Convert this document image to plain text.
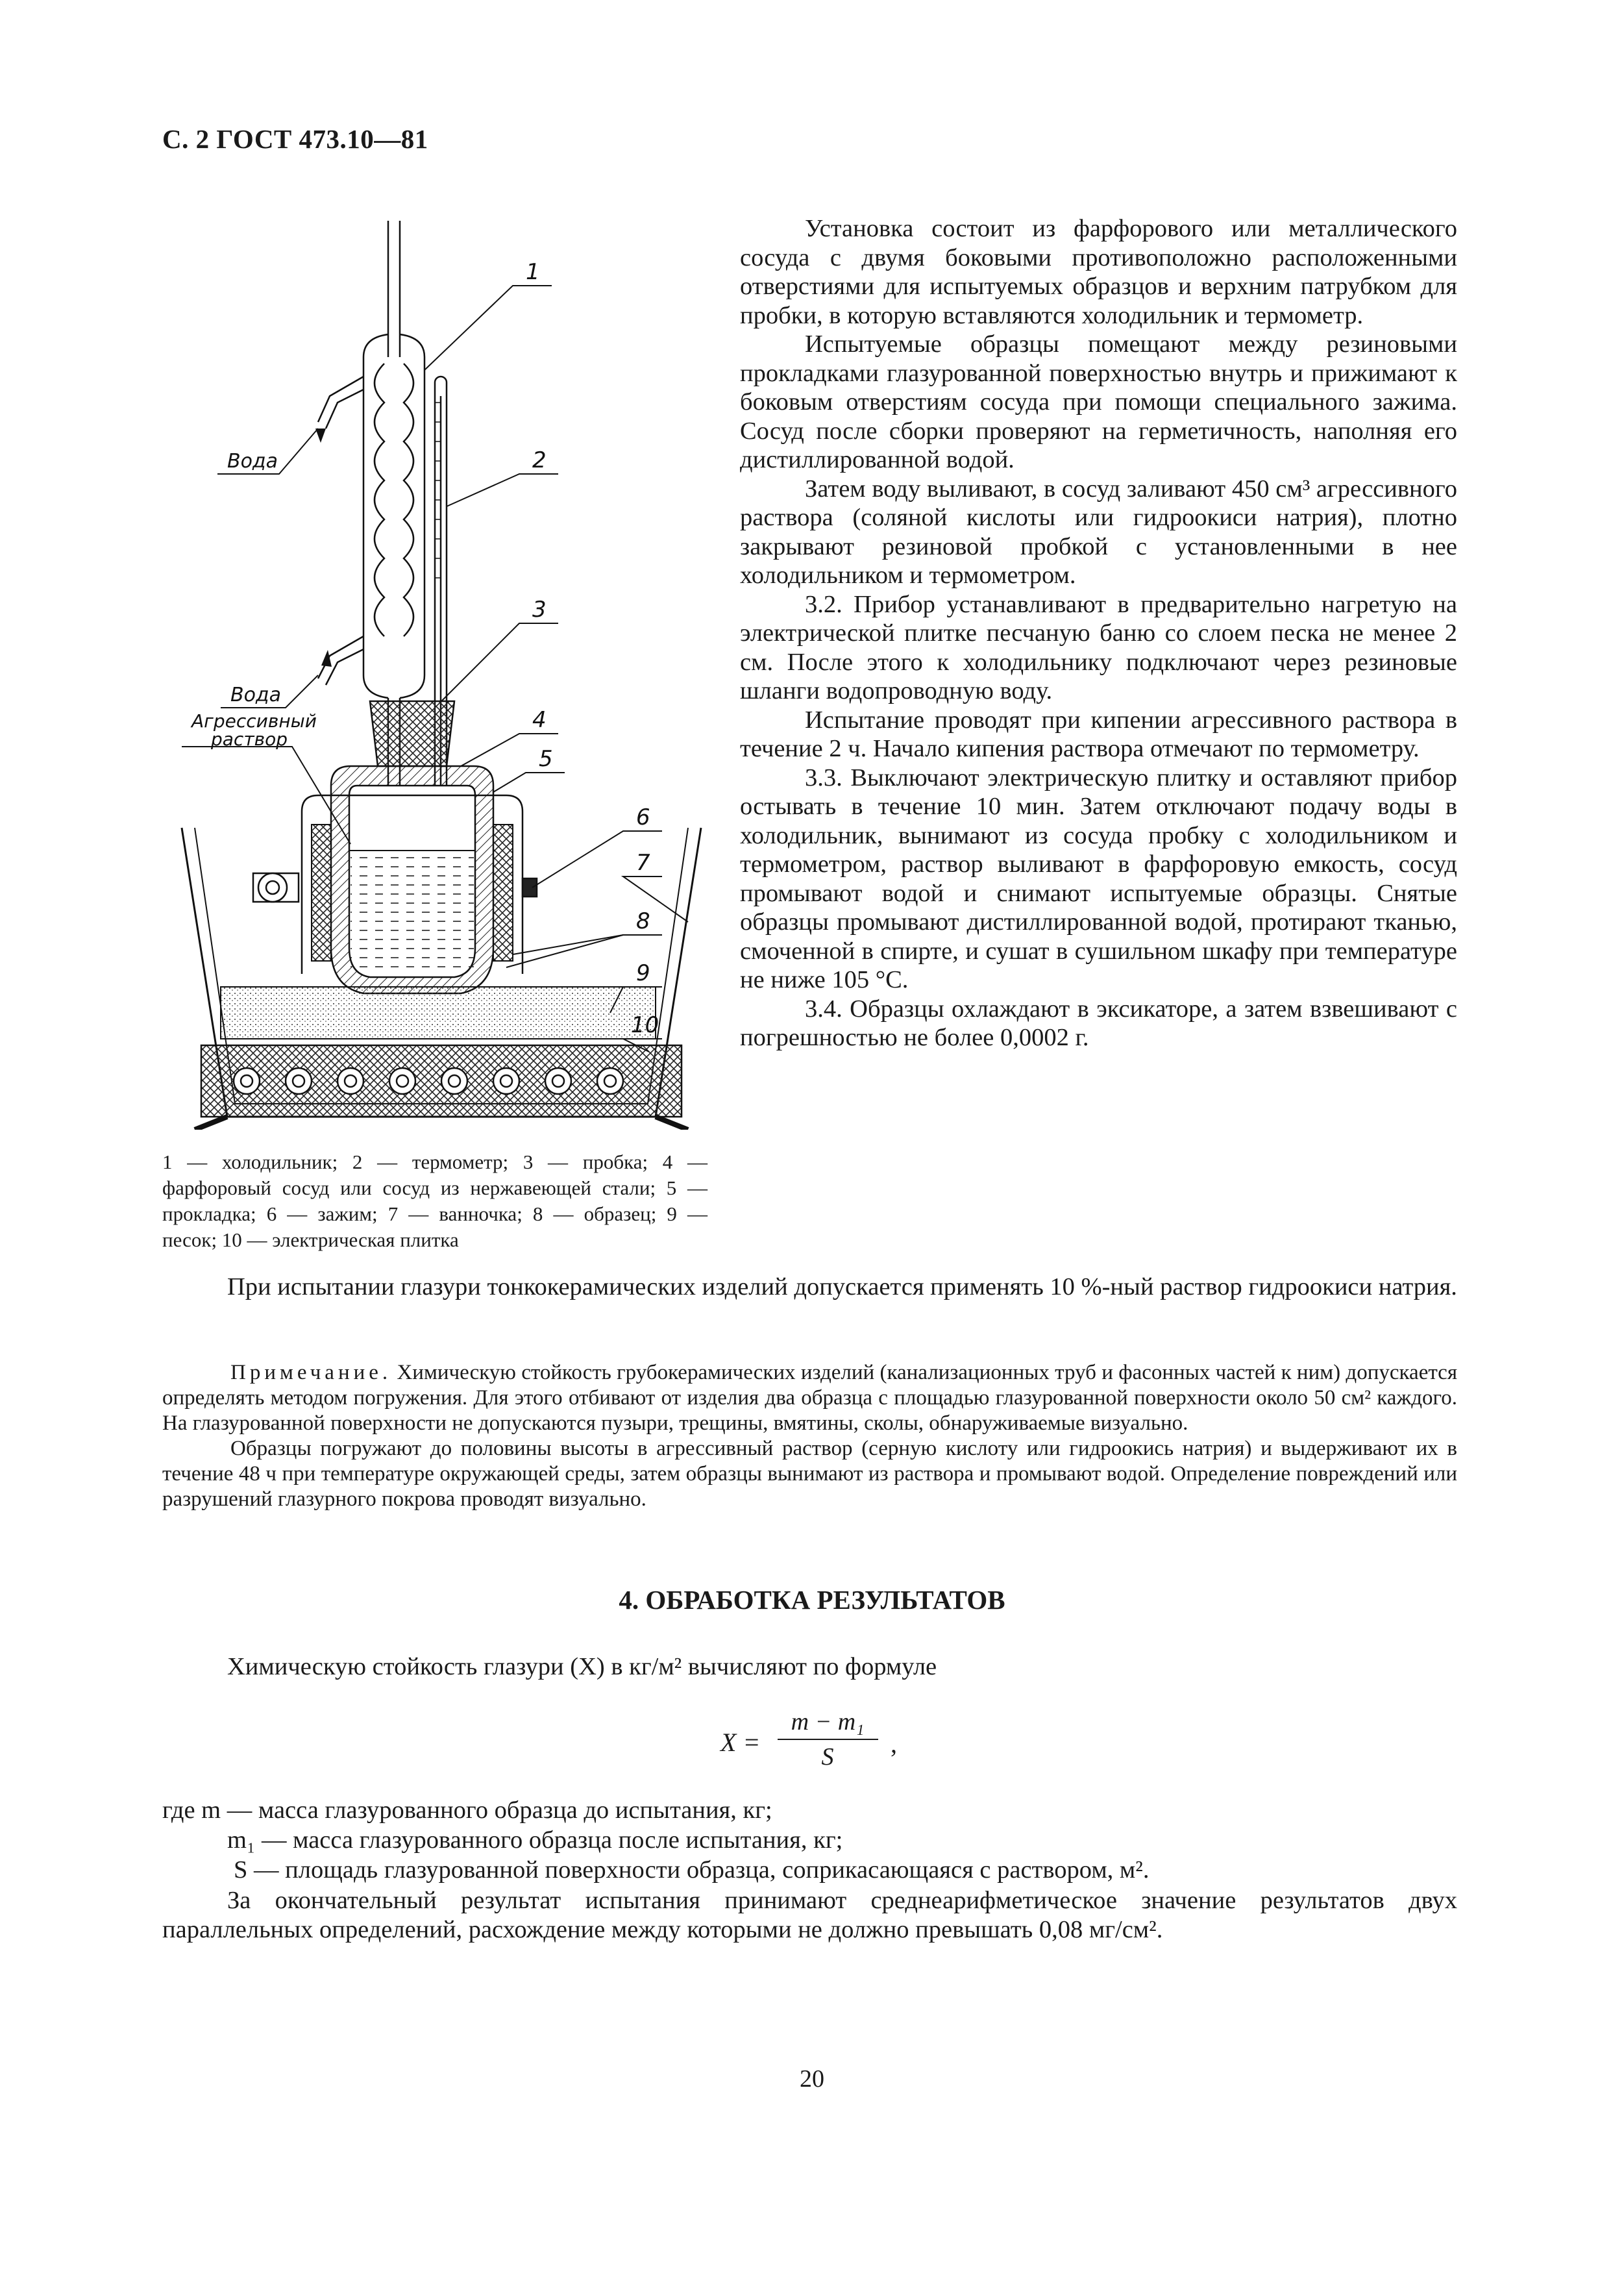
С. 2 ГОСТ 473.10—81
1
2
3
4
5
6
7
8
9
10
Вода
Вода
Агрессивный
раствор
1 — холодильник; 2 — термометр; 3 — пробка; 4 — фарфоровый сосуд или сосуд из нержавеющей стали; 5 — прокладка; 6 — зажим; 7 — ванночка; 8 — образец; 9 — песок; 10 — электрическая плитка

Установка состоит из фарфорового или металлического сосуда с двумя боковыми противоположно расположенными отверстиями для испытуемых образцов и верхним патрубком для пробки, в которую вставляются холодильник и термометр.

Испытуемые образцы помещают между резиновыми прокладками глазурованной поверхностью внутрь и прижимают к боковым отверстиям сосуда при помощи специального зажима. Сосуд после сборки проверяют на герметичность, наполняя его дистиллированной водой.

Затем воду выливают, в сосуд заливают 450 см³ агрессивного раствора (соляной кислоты или гидроокиси натрия), плотно закрывают резиновой пробкой с установленными в нее холодильником и термометром.

3.2. Прибор устанавливают в предварительно нагретую на электрической плитке песчаную баню со слоем песка не менее 2 см. После этого к холодильнику подключают через резиновые шланги водопроводную воду.

Испытание проводят при кипении агрессивного раствора в течение 2 ч. Начало кипения раствора отмечают по термометру.

3.3. Выключают электрическую плитку и оставляют прибор остывать в течение 10 мин. Затем отключают подачу воды в холодильник, вынимают из сосуда пробку с холодильником и термометром, раствор выливают в фарфоровую емкость, сосуд промывают водой и снимают испытуемые образцы. Снятые образцы промывают дистиллированной водой, протирают тканью, смоченной в спирте, и сушат в сушильном шкафу при температуре не ниже 105 °С.

3.4. Образцы охлаждают в эксикаторе, а затем взвешивают с погрешностью не более 0,0002 г.

При испытании глазури тонкокерамических изделий допускается применять 10 %-ный раствор гидроокиси натрия.

Примечание. Химическую стойкость грубокерамических изделий (канализационных труб и фасонных частей к ним) допускается определять методом погружения. Для этого отбивают от изделия два образца с площадью глазурованной поверхности около 50 см² каждого. На глазурованной поверхности не допускаются пузыри, трещины, вмятины, сколы, обнаруживаемые визуально.

Образцы погружают до половины высоты в агрессивный раствор (серную кислоту или гидроокись натрия) и выдерживают их в течение 48 ч при температуре окружающей среды, затем образцы вынимают из раствора и промывают водой. Определение повреждений или разрушений глазурного покрова проводят визуально.

4. ОБРАБОТКА РЕЗУЛЬТАТОВ

Химическую стойкость глазури (X) в кг/м² вычисляют по формуле

X =
m − m₁
S	,
где m — масса глазурованного образца до испытания, кг;
m₁ — масса глазурованного образца после испытания, кг;
S — площадь глазурованной поверхности образца, соприкасающаяся с раствором, м².

За окончательный результат испытания принимают среднеарифметическое значение результатов двух параллельных определений, расхождение между которыми не должно превышать 0,08 мг/см².

20
